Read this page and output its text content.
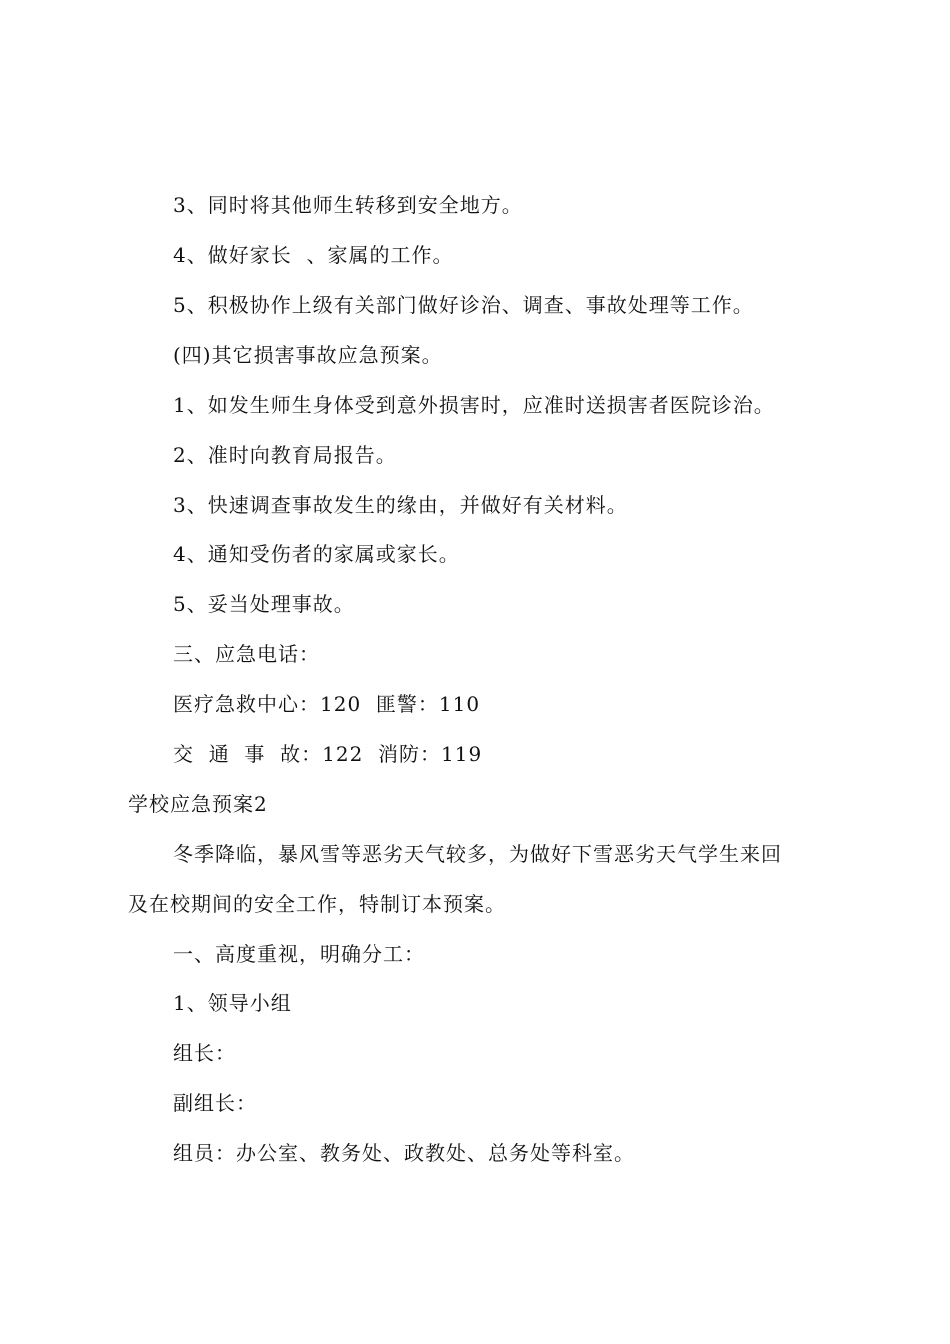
3、同时将其他师生转移到安全地方。
4、做好家长  、家属的工作。
5、积极协作上级有关部门做好诊治、调查、事故处理等工作。
(四)其它损害事故应急预案。
1、如发生师生身体受到意外损害时，应准时送损害者医院诊治。
2、准时向教育局报告。
3、快速调查事故发生的缘由，并做好有关材料。
4、通知受伤者的家属或家长。
5、妥当处理事故。
三、应急电话：
医疗急救中心：120  匪警：110
交  通  事  故：122  消防：119
学校应急预案2
冬季降临，暴风雪等恶劣天气较多，为做好下雪恶劣天气学生来回
及在校期间的安全工作，特制订本预案。
一、高度重视，明确分工：
1、领导小组
组长：
副组长：
组员：办公室、教务处、政教处、总务处等科室。
